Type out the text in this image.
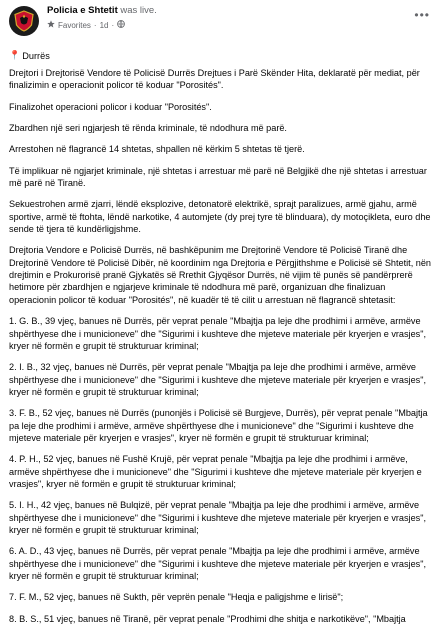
Policia e Shtetit was live.
Favorites · 1d ·
•••
📍 Durrës

Drejtori i Drejtorisë Vendore të Policisë Durrës Drejtues i Parë Skënder Hita, deklaratë për mediat, për finalizimin e operacionit policor të koduar "Porosités".

Finalizohet operacioni policor i koduar "Porosités".

Zbardhen një seri ngjarjesh të rënda kriminale, të ndodhura më parë.

Arrestohen në flagrancë 14 shtetas, shpallen në kërkim 5 shtetas të tjerë.

Të implikuar në ngjarjet kriminale, një shtetas i arrestuar më parë në Belgjikë dhe një shtetas i arrestuar më parë në Tiranë.

Sekuestrohen armë zjarri, lëndë eksplozive, detonatorë elektrikë, sprajt paralizues, armë gjahu, armë sportive, armë të ftohta, lëndë narkotike, 4 automjete (dy prej tyre të blinduara), dy motoçikleta, euro dhe sende të tjera të kundërligjshme.

Drejtoria Vendore e Policisë Durrës, në bashkëpunim me Drejtorinë Vendore të Policisë Tiranë dhe Drejtorinë Vendore të Policisë Dibër, në koordinim nga Drejtoria e Përgjithshme e Policisë së Shtetit, nën drejtimin e Prokurorisë pranë Gjykatës së Rrethit Gjyqësor Durrës, në vijim të punës së pandërprerë hetimore për zbardhjen e ngjarjeve kriminale të ndodhura më parë, organizuan dhe finalizuan operacionin policor të koduar "Porosités", në kuadër të të cilit u arrestuan në flagrancë shtetasit:

1. G. B., 39 vjeç, banues në Durrës, për veprat penale "Mbajtja pa leje dhe prodhimi i armëve, armëve shpërthyese dhe i municioneve" dhe "Sigurimi i kushteve dhe mjeteve materiale për kryerjen e vrasjes", kryer në formën e grupit të strukturuar kriminal;

2. I. B., 32 vjeç, banues në Durrës, për veprat penale "Mbajtja pa leje dhe prodhimi i armëve, armëve shpërthyese dhe i municioneve" dhe "Sigurimi i kushteve dhe mjeteve materiale për kryerjen e vrasjes", kryer në formën e grupit të strukturuar kriminal;

3. F. B., 52 vjeç, banues në Durrës (punonjës i Policisë së Burgjeve, Durrës), për veprat penale "Mbajtja pa leje dhe prodhimi i armëve, armëve shpërthyese dhe i municioneve" dhe "Sigurimi i kushteve dhe mjeteve materiale për kryerjen e vrasjes", kryer në formën e grupit të strukturuar kriminal;

4. P. H., 52 vjeç, banues në Fushë Krujë, për veprat penale "Mbajtja pa leje dhe prodhimi i armëve, armëve shpërthyese dhe i municioneve" dhe "Sigurimi i kushteve dhe mjeteve materiale për kryerjen e vrasjes", kryer në formën e grupit të strukturuar kriminal;

5. I. H., 42 vjeç, banues në Bulqizë, për veprat penale "Mbajtja pa leje dhe prodhimi i armëve, armëve shpërthyese dhe i municioneve" dhe "Sigurimi i kushteve dhe mjeteve materiale për kryerjen e vrasjes", kryer në formën e grupit të strukturuar kriminal;

6. A. D., 43 vjeç, banues në Durrës, për veprat penale "Mbajtja pa leje dhe prodhimi i armëve, armëve shpërthyese dhe i municioneve" dhe "Sigurimi i kushteve dhe mjeteve materiale për kryerjen e vrasjes", kryer në formën e grupit të strukturuar kriminal;

7. F. M., 52 vjeç, banues në Sukth, për veprën penale "Heqja e paligjshme e lirisë";

8. B. S., 51 vjeç, banues në Tiranë, për veprat penale "Prodhimi dhe shitja e narkotikëve", "Mbajtja
